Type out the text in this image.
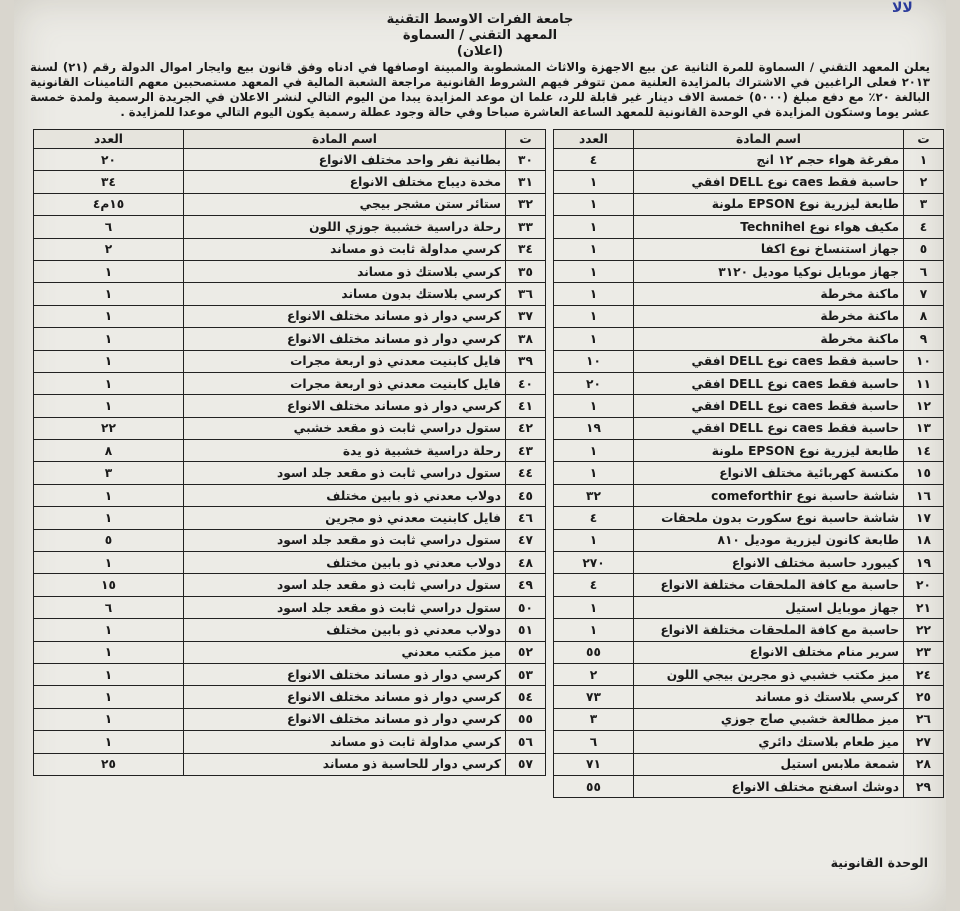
ﻻﻻ
جامعة الفرات الاوسط التقنية
المعهد التقني / السماوة
(اعلان)
يعلن المعهد التقني / السماوة للمرة الثانية عن بيع الاجهزة والاثاث المشطوبة والمبينة اوصافها في ادناه وفق قانون بيع وايجار اموال الدولة رقم (٢١) لسنة ٢٠١٣ فعلى الراغبين في الاشتراك بالمزايدة العلنية ممن تتوفر فيهم الشروط القانونية مراجعة الشعبة المالية في المعهد مستصحبين معهم التامينات القانونية البالغة ٢٠٪ مع دفع مبلغ (٥٠٠٠) خمسة الاف دينار غير قابلة للرد، علما ان موعد المزايدة يبدا من اليوم التالي لنشر الاعلان في الجريدة الرسمية ولمدة خمسة عشر يوما وستكون المزايدة في الوحدة القانونية للمعهد الساعة العاشرة صباحا وفي حالة وجود عطلة رسمية يكون اليوم التالي موعدا للمزايدة .
ت	اسم المادة	العدد
١	مفرغة هواء حجم ١٢ انج	٤
٢	حاسبة فقط caes نوع DELL افقي	١
٣	طابعة ليزرية نوع EPSON ملونة	١
٤	مكيف هواء نوع Technihel	١
٥	جهاز استنساخ نوع اكفا	١
٦	جهاز موبايل نوكيا موديل ٣١٢٠	١
٧	ماكنة مخرطة	١
٨	ماكنة مخرطة	١
٩	ماكنة مخرطة	١
١٠	حاسبة فقط caes نوع DELL افقي	١٠
١١	حاسبة فقط caes نوع DELL افقي	٢٠
١٢	حاسبة فقط caes نوع DELL افقي	١
١٣	حاسبة فقط caes نوع DELL افقي	١٩
١٤	طابعة ليزرية نوع EPSON ملونة	١
١٥	مكنسة كهربائية مختلف الانواع	١
١٦	شاشة حاسبة نوع comeforthir	٣٢
١٧	شاشة حاسبة نوع سكورت بدون ملحقات	٤
١٨	طابعة كانون ليزرية موديل ٨١٠	١
١٩	كيبورد حاسبة مختلف الانواع	٢٧٠
٢٠	حاسبة مع كافة الملحقات مختلفة الانواع	٤
٢١	جهاز موبايل استيل	١
٢٢	حاسبة مع كافة الملحقات مختلفة الانواع	١
٢٣	سرير منام مختلف الانواع	٥٥
٢٤	ميز مكتب خشبي ذو مجرين بيجي اللون	٢
٢٥	كرسي بلاستك ذو مساند	٧٣
٢٦	ميز مطالعة خشبي صاج جوزي	٣
٢٧	ميز طعام بلاستك دائري	٦
٢٨	شمعة ملابس استيل	٧١
٢٩	دوشك اسفنج مختلف الانواع	٥٥
ت	اسم المادة	العدد
٣٠	بطانية نفر واحد مختلف الانواع	٢٠
٣١	مخدة ديباج مختلف الانواع	٣٤
٣٢	ستائر ستن مشجر بيجي	١٥م٤
٣٣	رحلة دراسية خشبية جوزي اللون	٦
٣٤	كرسي مداولة ثابت ذو مساند	٢
٣٥	كرسي بلاستك ذو مساند	١
٣٦	كرسي بلاستك بدون مساند	١
٣٧	كرسي دوار ذو مساند مختلف الانواع	١
٣٨	كرسي دوار ذو مساند مختلف الانواع	١
٣٩	فايل كابنيت معدني ذو اربعة مجرات	١
٤٠	فايل كابنيت معدني ذو اربعة مجرات	١
٤١	كرسي دوار ذو مساند مختلف الانواع	١
٤٢	ستول دراسي ثابت ذو مقعد خشبي	٢٢
٤٣	رحلة دراسية خشبية ذو يدة	٨
٤٤	ستول دراسي ثابت ذو مقعد جلد اسود	٣
٤٥	دولاب معدني ذو بابين مختلف	١
٤٦	فايل كابنيت معدني ذو مجرين	١
٤٧	ستول دراسي ثابت ذو مقعد جلد اسود	٥
٤٨	دولاب معدني ذو بابين مختلف	١
٤٩	ستول دراسي ثابت ذو مقعد جلد اسود	١٥
٥٠	ستول دراسي ثابت ذو مقعد جلد اسود	٦
٥١	دولاب معدني ذو بابين مختلف	١
٥٢	ميز مكتب معدني	١
٥٣	كرسي دوار ذو مساند مختلف الانواع	١
٥٤	كرسي دوار ذو مساند مختلف الانواع	١
٥٥	كرسي دوار ذو مساند مختلف الانواع	١
٥٦	كرسي مداولة ثابت ذو مساند	١
٥٧	كرسي دوار للحاسبة ذو مساند	٢٥
الوحدة القانونية
